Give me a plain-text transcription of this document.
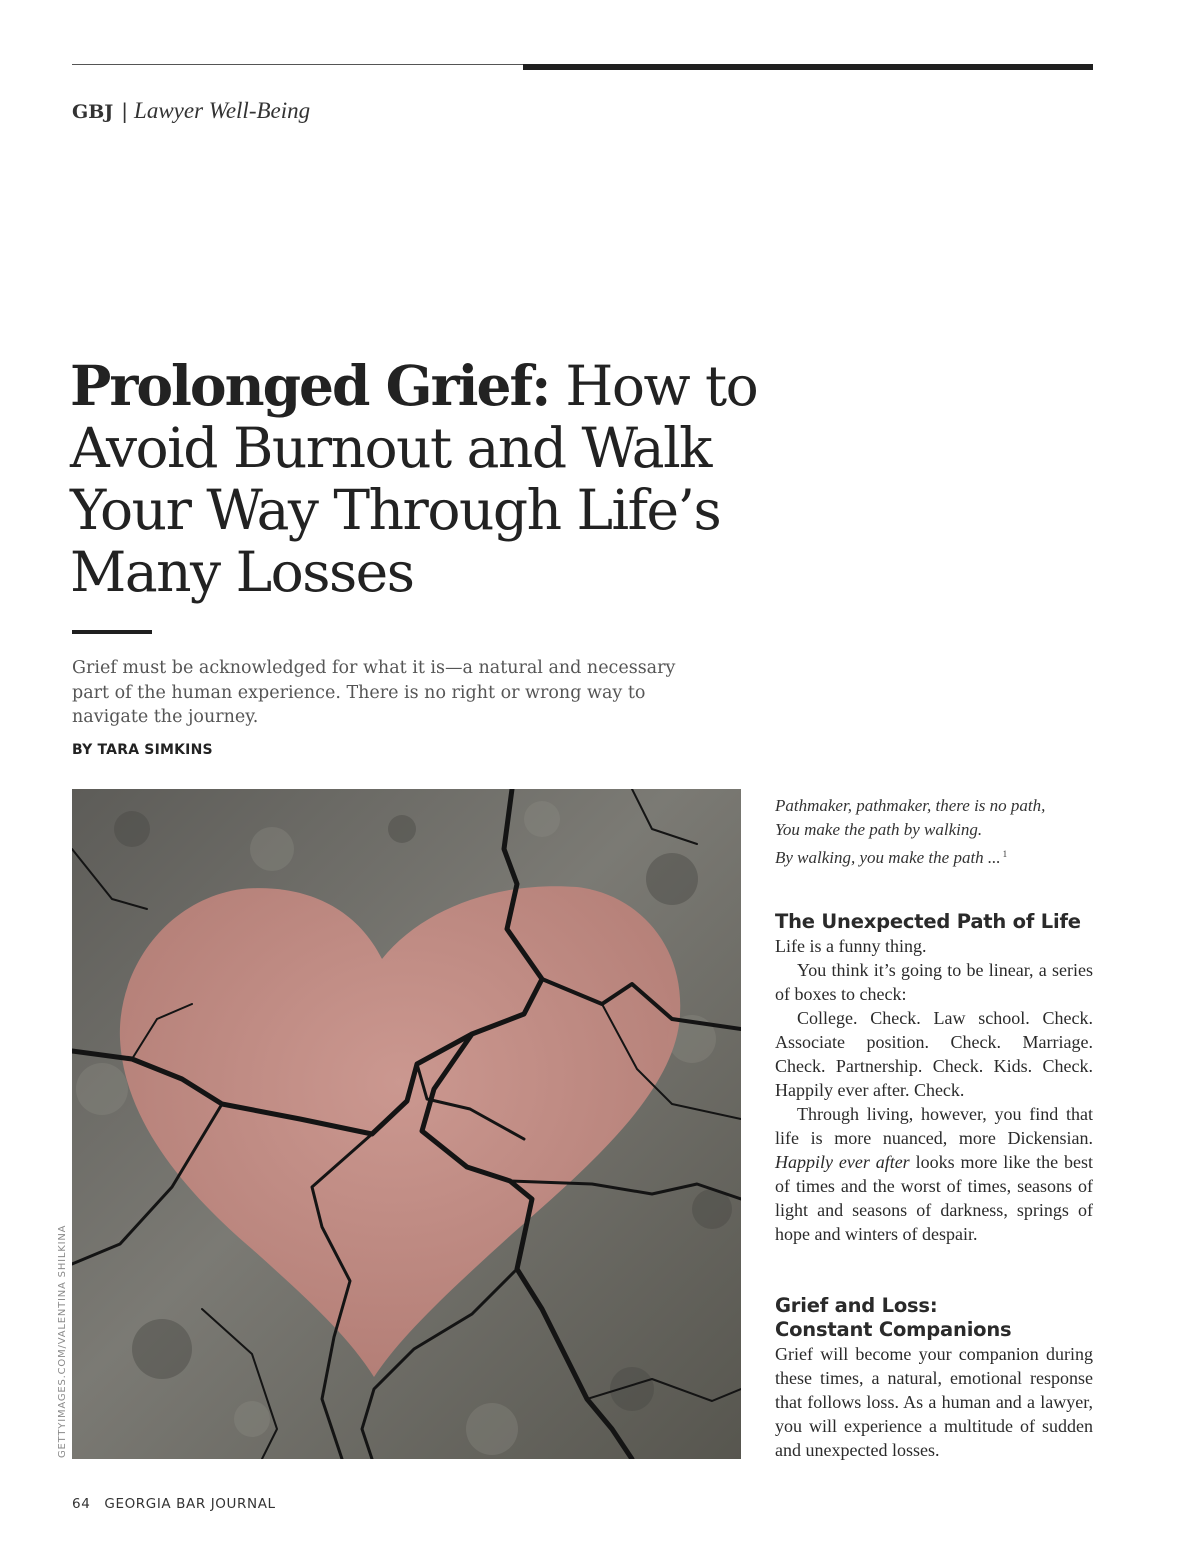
GBJ | Lawyer Well-Being
Prolonged Grief: How to Avoid Burnout and Walk Your Way Through Life’s Many Losses

Grief must be acknowledged for what it is—a natural and necessary part of the human experience. There is no right or wrong way to navigate the journey.

BY TARA SIMKINS
GETTYIMAGES.COM/VALENTINA SHILKINA

Pathmaker, pathmaker, there is no path,

You make the path by walking.

By walking, you make the path ... $^1$

The Unexpected Path of Life

Life is a funny thing.

You think it’s going to be linear, a series of boxes to check:

College. Check. Law school. Check. Associate position. Check. Marriage. Check. Partnership. Check. Kids. Check. Happily ever after. Check.

Through living, however, you find that life is more nuanced, more Dickensian. Happily ever after looks more like the best of times and the worst of times, seasons of light and seasons of darkness, springs of hope and winters of despair.

Grief and Loss:
Constant Companions

Grief will become your companion during these times, a natural, emotional response that follows loss. As a human and a lawyer, you will experience a multitude of sudden and unexpected losses.

64 GEORGIA BAR JOURNAL
